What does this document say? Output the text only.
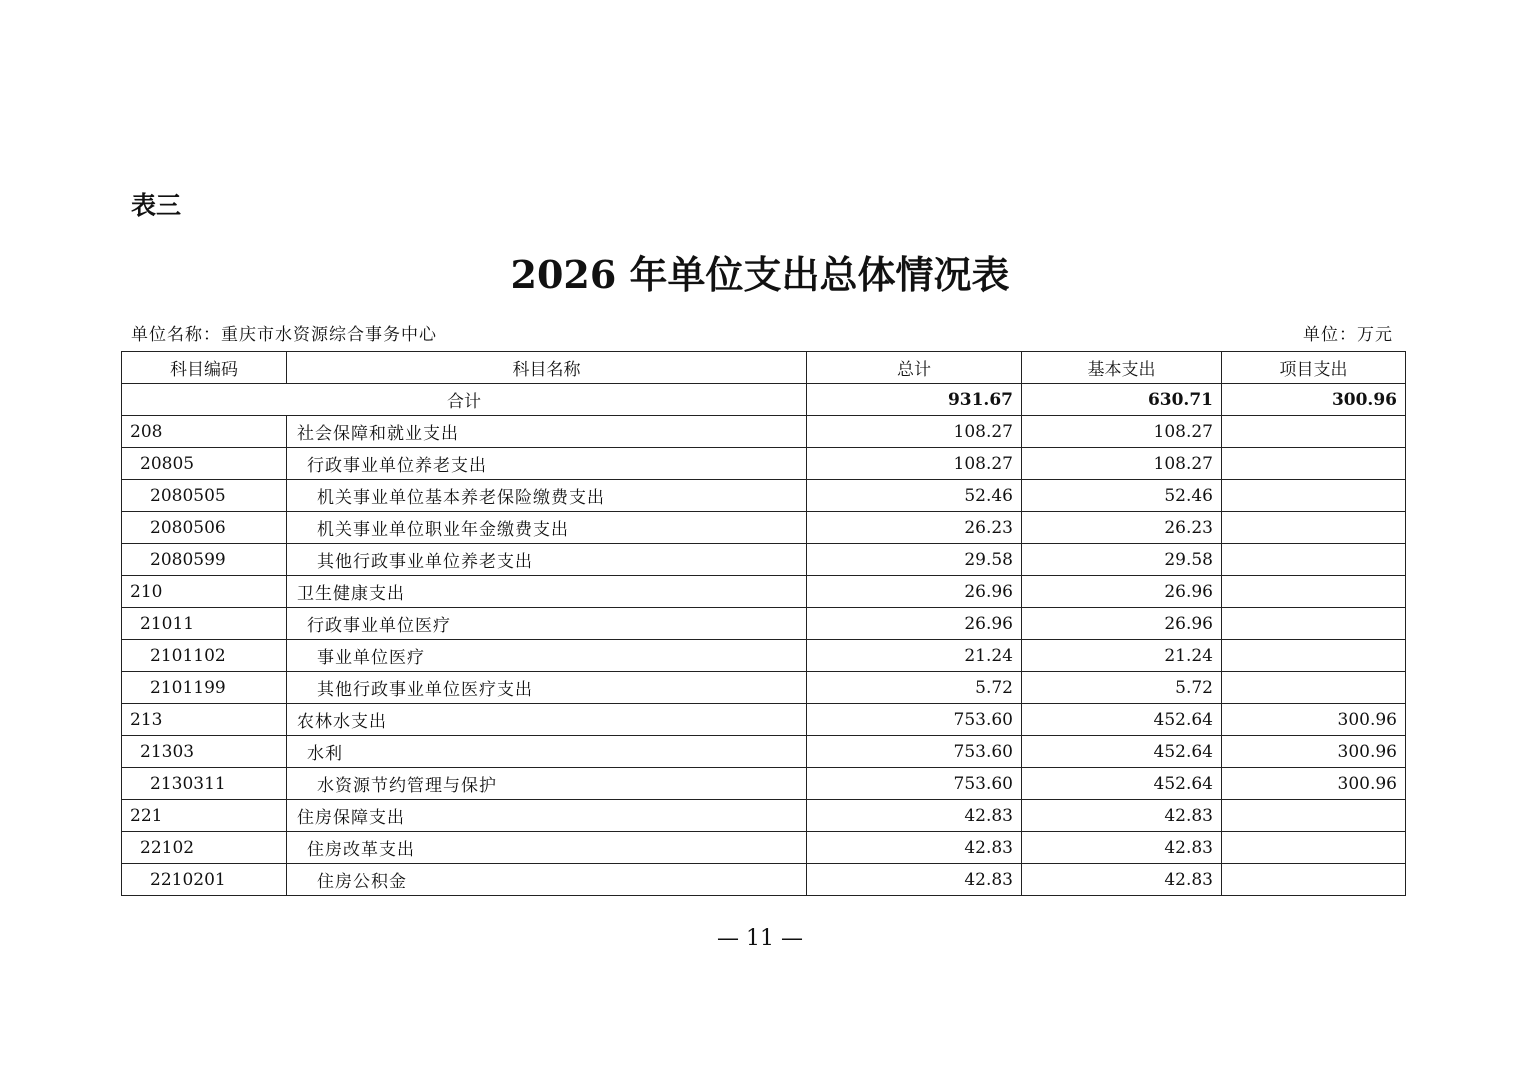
表三
2026 年单位支出总体情况表
单位名称：重庆市水资源综合事务中心	单位：万元
科目编码	科目名称	总计	基本支出	项目支出
合计		931.67	630.71	300.96
208	社会保障和就业支出	108.27	108.27	
20805	行政事业单位养老支出	108.27	108.27	
2080505	机关事业单位基本养老保险缴费支出	52.46	52.46	
2080506	机关事业单位职业年金缴费支出	26.23	26.23	
2080599	其他行政事业单位养老支出	29.58	29.58	
210	卫生健康支出	26.96	26.96	
21011	行政事业单位医疗	26.96	26.96	
2101102	事业单位医疗	21.24	21.24	
2101199	其他行政事业单位医疗支出	5.72	5.72	
213	农林水支出	753.60	452.64	300.96
21303	水利	753.60	452.64	300.96
2130311	水资源节约管理与保护	753.60	452.64	300.96
221	住房保障支出	42.83	42.83	
22102	住房改革支出	42.83	42.83	
2210201	住房公积金	42.83	42.83	
— 11 —
